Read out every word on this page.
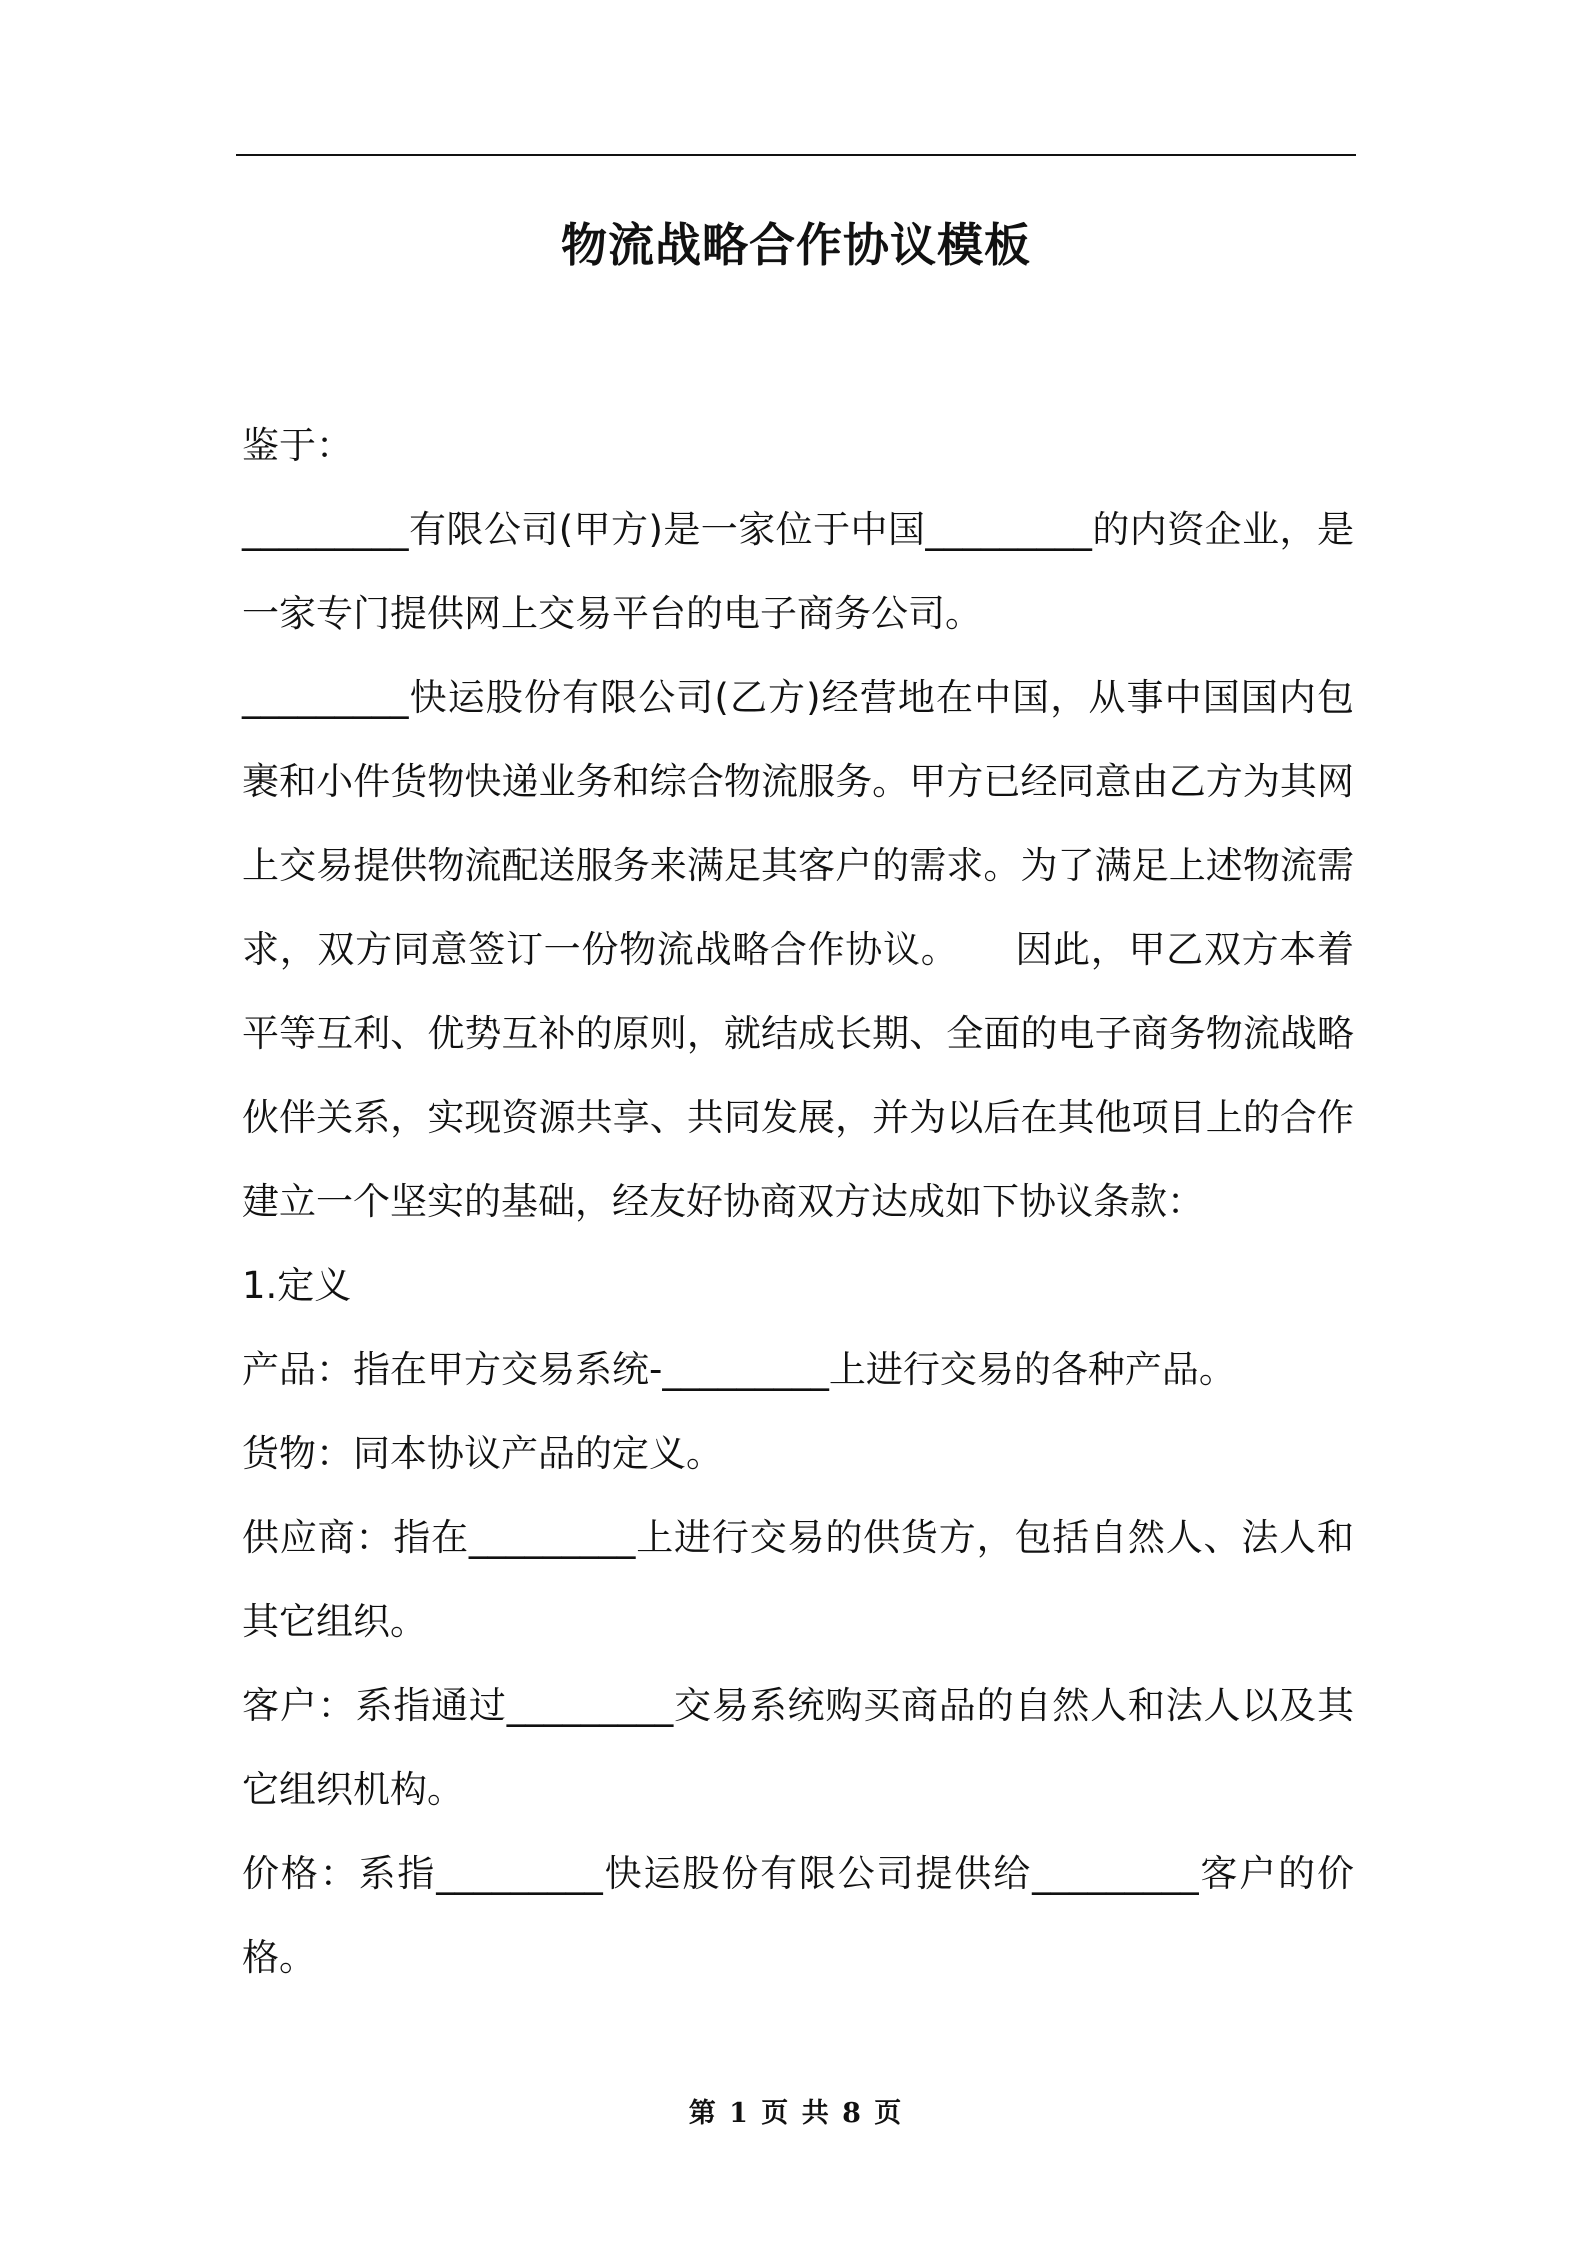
物流战略合作协议模板

鉴于：

_________有限公司(甲方)是一家位于中国_________的内资企业，是一家专门提供网上交易平台的电子商务公司。

_________快运股份有限公司(乙方)经营地在中国，从事中国国内包裹和小件货物快递业务和综合物流服务。甲方已经同意由乙方为其网上交易提供物流配送服务来满足其客户的需求。为了满足上述物流需求，双方同意签订一份物流战略合作协议。　　因此，甲乙双方本着平等互利、优势互补的原则，就结成长期、全面的电子商务物流战略伙伴关系，实现资源共享、共同发展，并为以后在其他项目上的合作建立一个坚实的基础，经友好协商双方达成如下协议条款：

1.定义

产品：指在甲方交易系统-_________上进行交易的各种产品。

货物：同本协议产品的定义。

供应商：指在_________上进行交易的供货方，包括自然人、法人和其它组织。

客户：系指通过_________交易系统购买商品的自然人和法人以及其它组织机构。

价格：系指_________快运股份有限公司提供给_________客户的价格。

第 1 页 共 8 页
